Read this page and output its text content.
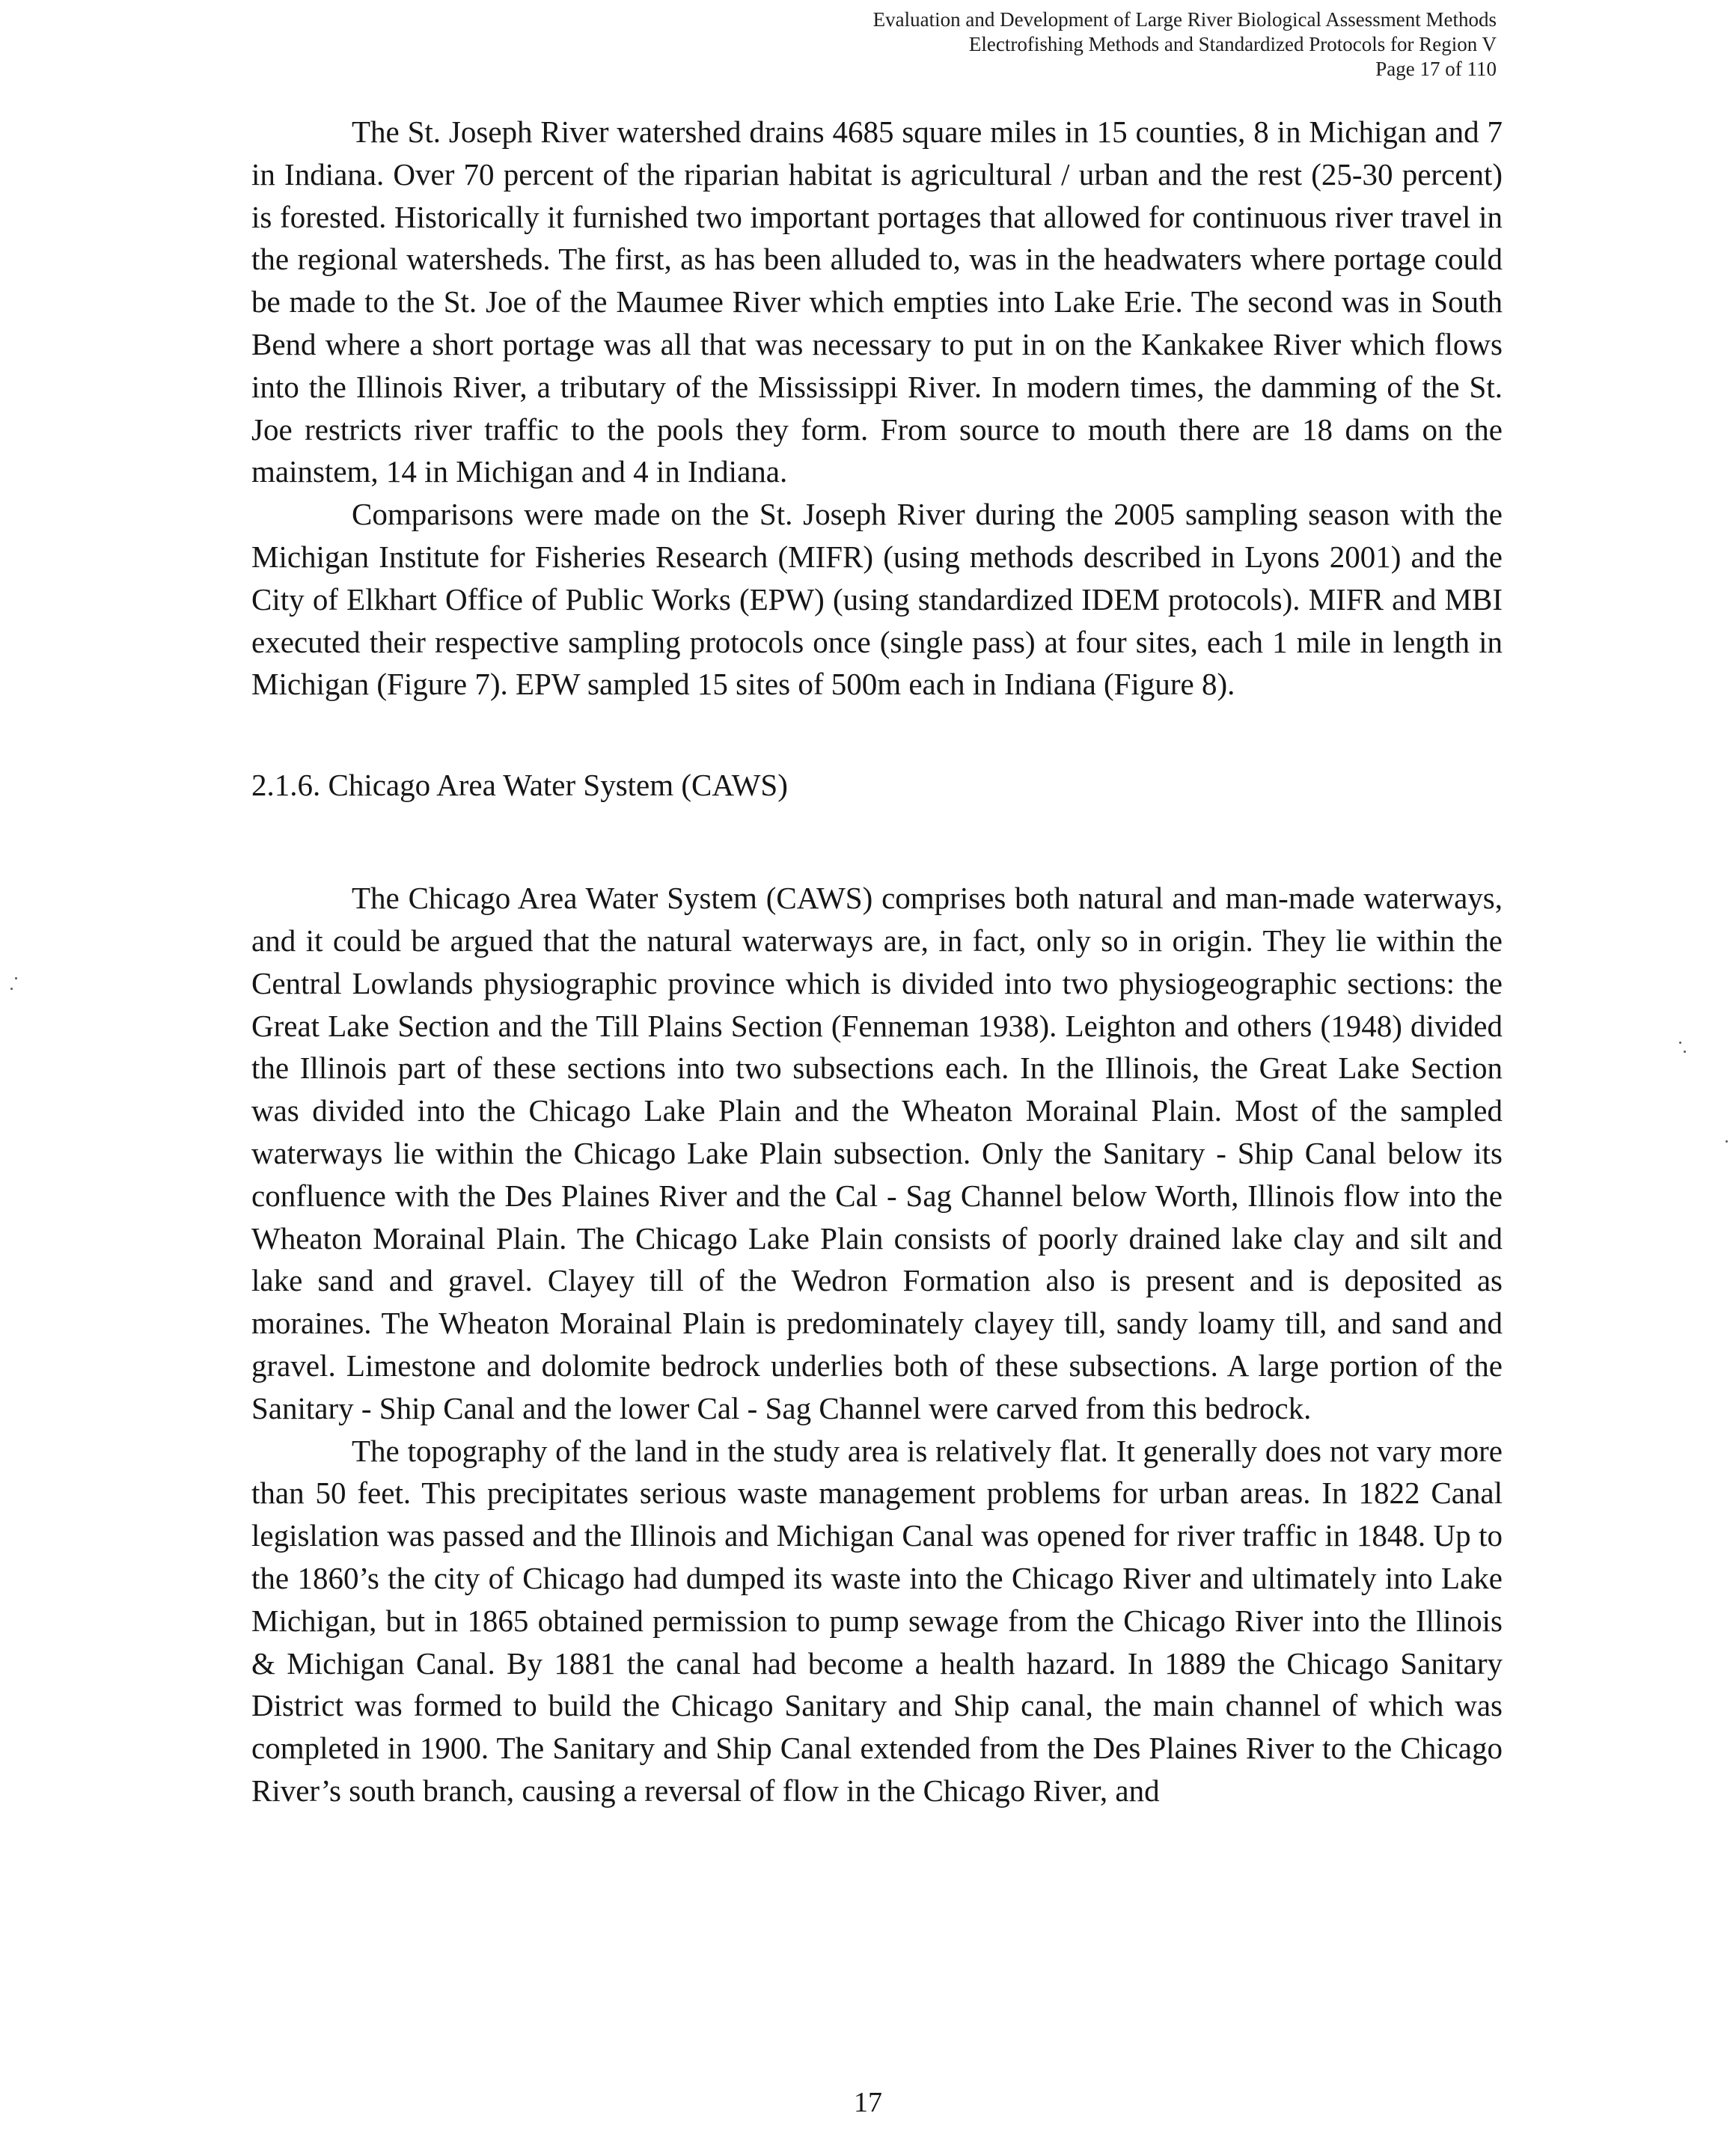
Evaluation and Development of Large River Biological Assessment Methods
Electrofishing Methods and Standardized Protocols for Region V
Page 17 of 110

The St. Joseph River watershed drains 4685 square miles in 15 counties, 8 in Michigan and 7 in Indiana. Over 70 percent of the riparian habitat is agricultural / urban and the rest (25-30 percent) is forested. Historically it furnished two important portages that allowed for continuous river travel in the regional watersheds. The first, as has been alluded to, was in the headwaters where portage could be made to the St. Joe of the Maumee River which empties into Lake Erie. The second was in South Bend where a short portage was all that was necessary to put in on the Kankakee River which flows into the Illinois River, a tributary of the Mississippi River. In modern times, the damming of the St. Joe restricts river traffic to the pools they form. From source to mouth there are 18 dams on the mainstem, 14 in Michigan and 4 in Indiana.

Comparisons were made on the St. Joseph River during the 2005 sampling season with the Michigan Institute for Fisheries Research (MIFR) (using methods described in Lyons 2001) and the City of Elkhart Office of Public Works (EPW) (using standardized IDEM protocols). MIFR and MBI executed their respective sampling protocols once (single pass) at four sites, each 1 mile in length in Michigan (Figure 7). EPW sampled 15 sites of 500m each in Indiana (Figure 8).

2.1.6. Chicago Area Water System (CAWS)

The Chicago Area Water System (CAWS) comprises both natural and man-made waterways, and it could be argued that the natural waterways are, in fact, only so in origin. They lie within the Central Lowlands physiographic province which is divided into two physiogeographic sections: the Great Lake Section and the Till Plains Section (Fenneman 1938). Leighton and others (1948) divided the Illinois part of these sections into two subsections each. In the Illinois, the Great Lake Section was divided into the Chicago Lake Plain and the Wheaton Morainal Plain. Most of the sampled waterways lie within the Chicago Lake Plain subsection. Only the Sanitary - Ship Canal below its confluence with the Des Plaines River and the Cal - Sag Channel below Worth, Illinois flow into the Wheaton Morainal Plain. The Chicago Lake Plain consists of poorly drained lake clay and silt and lake sand and gravel. Clayey till of the Wedron Formation also is present and is deposited as moraines. The Wheaton Morainal Plain is predominately clayey till, sandy loamy till, and sand and gravel. Limestone and dolomite bedrock underlies both of these subsections. A large portion of the Sanitary - Ship Canal and the lower Cal - Sag Channel were carved from this bedrock.

The topography of the land in the study area is relatively flat. It generally does not vary more than 50 feet. This precipitates serious waste management problems for urban areas. In 1822 Canal legislation was passed and the Illinois and Michigan Canal was opened for river traffic in 1848. Up to the 1860’s the city of Chicago had dumped its waste into the Chicago River and ultimately into Lake Michigan, but in 1865 obtained permission to pump sewage from the Chicago River into the Illinois & Michigan Canal. By 1881 the canal had become a health hazard. In 1889 the Chicago Sanitary District was formed to build the Chicago Sanitary and Ship canal, the main channel of which was completed in 1900. The Sanitary and Ship Canal extended from the Des Plaines River to the Chicago River’s south branch, causing a reversal of flow in the Chicago River, and

17
